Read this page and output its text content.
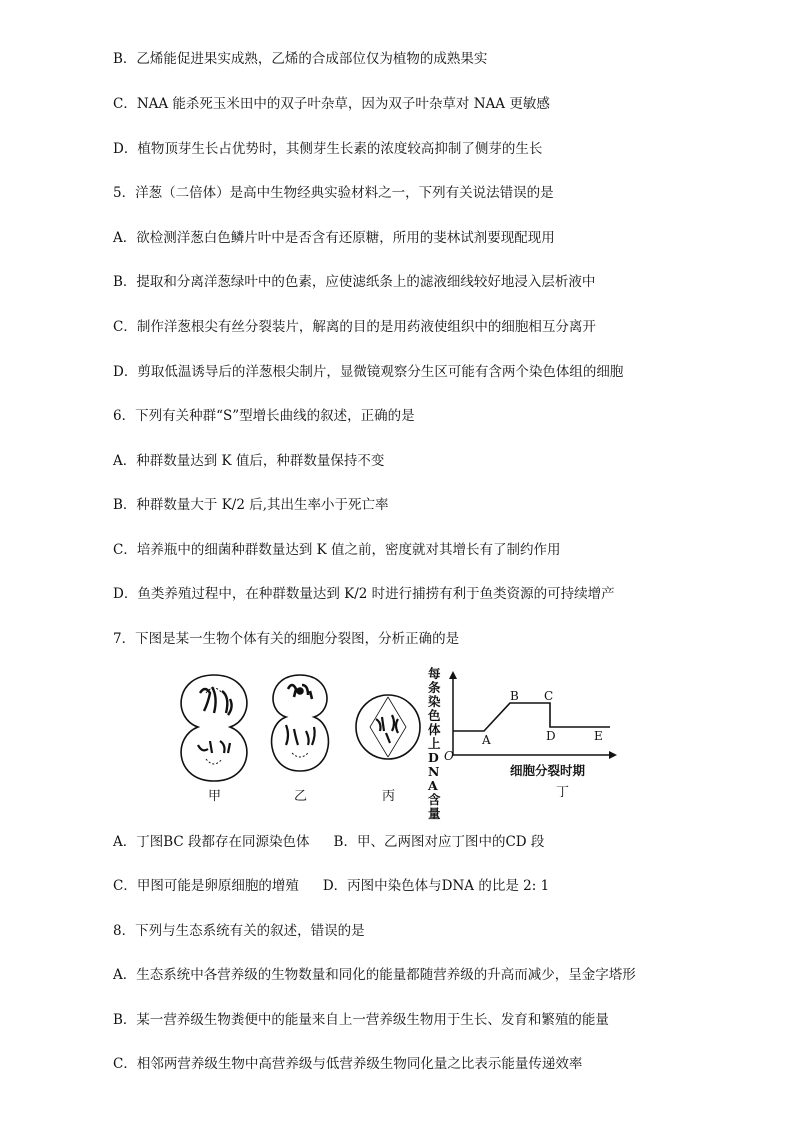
B．乙烯能促进果实成熟，乙烯的合成部位仅为植物的成熟果实
C．NAA 能杀死玉米田中的双子叶杂草，因为双子叶杂草对 NAA 更敏感
D．植物顶芽生长占优势时，其侧芽生长素的浓度较高抑制了侧芽的生长
5．洋葱（二倍体）是高中生物经典实验材料之一，下列有关说法错误的是
A．欲检测洋葱白色鳞片叶中是否含有还原糖，所用的斐林试剂要现配现用
B．提取和分离洋葱绿叶中的色素，应使滤纸条上的滤液细线较好地浸入层析液中
C．制作洋葱根尖有丝分裂装片，解离的目的是用药液使组织中的细胞相互分离开
D．剪取低温诱导后的洋葱根尖制片，显微镜观察分生区可能有含两个染色体组的细胞
6．下列有关种群“S”型增长曲线的叙述，正确的是
A．种群数量达到 K 值后，种群数量保持不变
B．种群数量大于 K/2 后,其出生率小于死亡率
C．培养瓶中的细菌种群数量达到 K 值之前，密度就对其增长有了制约作用
D．鱼类养殖过程中，在种群数量达到 K/2 时进行捕捞有利于鱼类资源的可持续增产
7．下图是某一生物个体有关的细胞分裂图，分析正确的是
每条染色体上DNA含量
O
细胞分裂时期
A
B C
D	E
甲	乙	丙	丁
A．丁图BC 段都存在同源染色体 B．甲、乙两图对应丁图中的CD 段
C．甲图可能是卵原细胞的增殖 D．丙图中染色体与DNA 的比是 2: 1
8．下列与生态系统有关的叙述，错误的是
A．生态系统中各营养级的生物数量和同化的能量都随营养级的升高而减少，呈金字塔形
B．某一营养级生物粪便中的能量来自上一营养级生物用于生长、发育和繁殖的能量
C．相邻两营养级生物中高营养级与低营养级生物同化量之比表示能量传递效率
